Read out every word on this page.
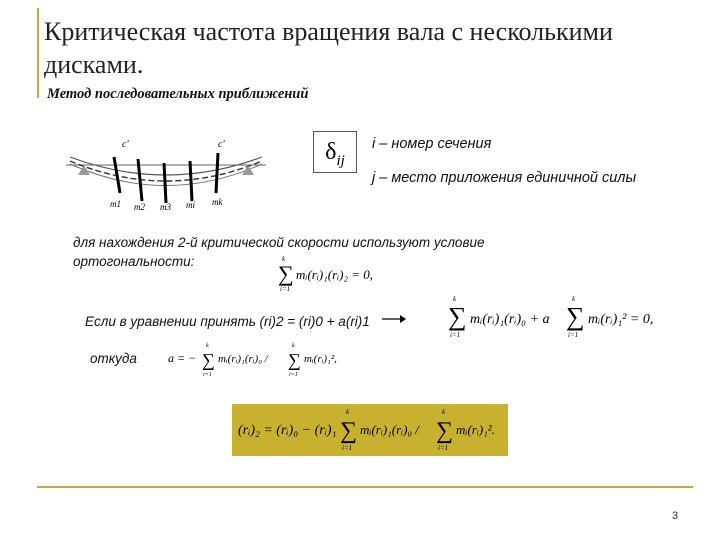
Критическая частота вращения вала с несколькими дисками.
Метод последовательных приближений
c'	c'
m1 m2 m3 mi mk
$\delta_{ij}$
i – номер сечения
j – место приложения единичной силы
для нахождения 2-й критической скорости используют условие ортогональности:	k
∑
i=1
mᵢ(rᵢ)₁(rᵢ)₂ = 0,
Если в уравнении принять (ri)2 = (ri)0 + a(ri)1
k
∑
i=1
mᵢ(rᵢ)₁(rᵢ)₀ + a
k
∑
i=1
mᵢ(rᵢ)₁² = 0,
откуда	a = −
k
∑
i=1
mᵢ(rᵢ)₁(rᵢ)₀ /
k
∑
i=1
mᵢ(rᵢ)₁²,
(rᵢ)₂ = (rᵢ)₀ − (rᵢ)₁
k
∑
i=1
mᵢ(rᵢ)₁(rᵢ)₀ /
k
∑
i=1
mᵢ(rᵢ)₁².
3
